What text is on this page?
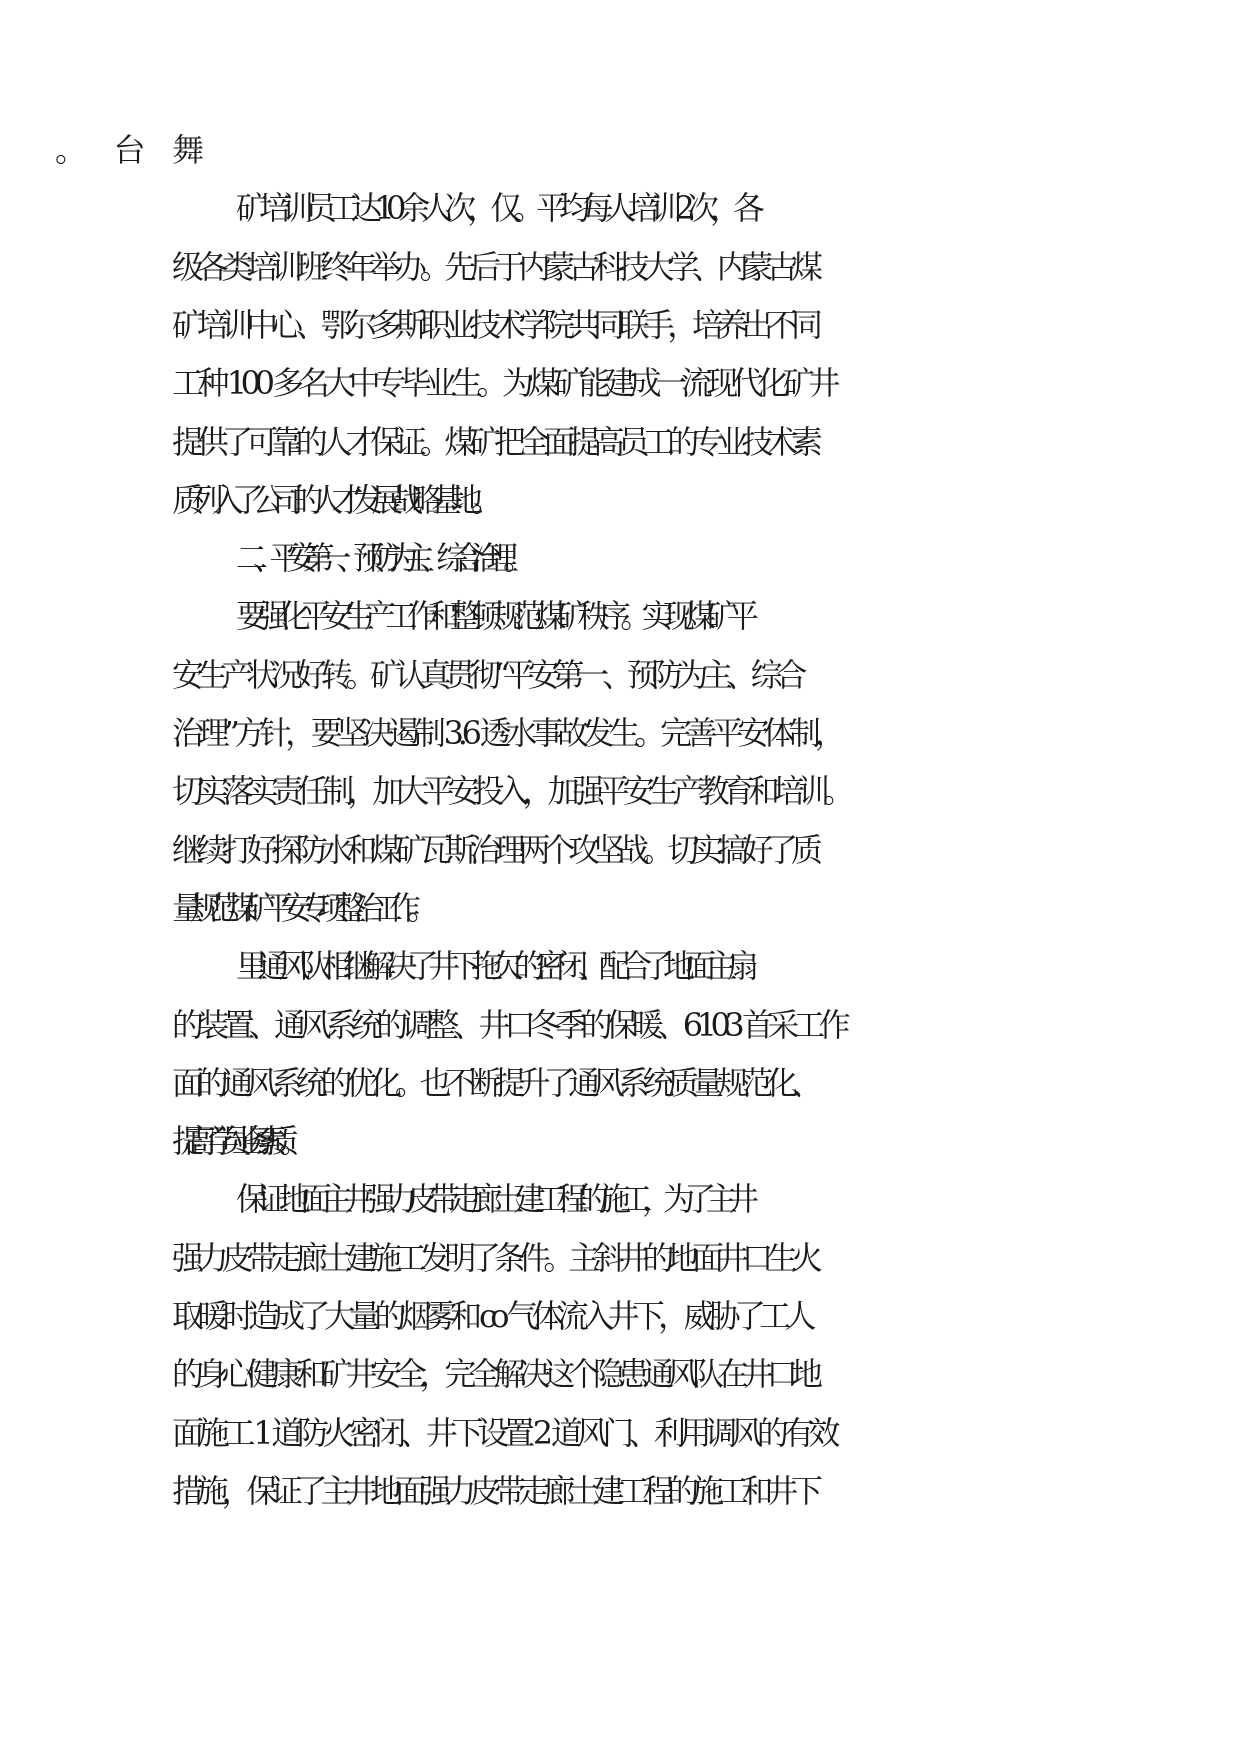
矿培训员工达 10 余人次，仅。平均每人培训 2 次，各
级各类培训班终年举办。先后于内蒙古科技大学、内蒙古煤
矿培训中心、鄂尔多斯职业技术学院共同联手，培养出不同
工种 100 多名大中专毕业生。为煤矿能建成一流现代化矿井
提供了可靠的人才保证。煤矿把全面提高员工的专业技术素
质列入了公司的人才发展战略基地。
二、平安第一、预防为主、综合治理。
要强化平安生产工作和整顿规范煤矿秩序。实现煤矿平
安生产状况好转。矿认真贯彻“平安第一、预防为主、综合
治理”方针，要坚决遏制 3.6 透水事故发生。完善平安体制，
切实落实责任制，加大平安投入，加强平安生产教育和培训。
继续打好探防水和煤矿瓦斯治理两个攻坚战。切实搞好了质
量规范煤矿平安专项整治工作。
里通风队相继解决了井下拖欠的密闭、配合了地面主扇
的装置、通风系统的调整、井口冬季的保暖、6103 首采工作
面的通风系统的优化。也不断提升了通风系统质量规范化、
提高了学员业务素质。
保证地面主井强力皮带走廊土建工程的施工，为了主井
强力皮带走廊土建施工发明了条件。主斜井的地面井口生火
取暖时造成了大量的烟雾和 co 气体流入井下，威胁了工人
的身心健康和矿井安全，完全解决这个隐患通风队在井口地
面施工 1 道防火密闭、井下设置 2 道风门、利用调风的有效
措施，保证了主井地面强力皮带走廊土建工程的施工和井下
